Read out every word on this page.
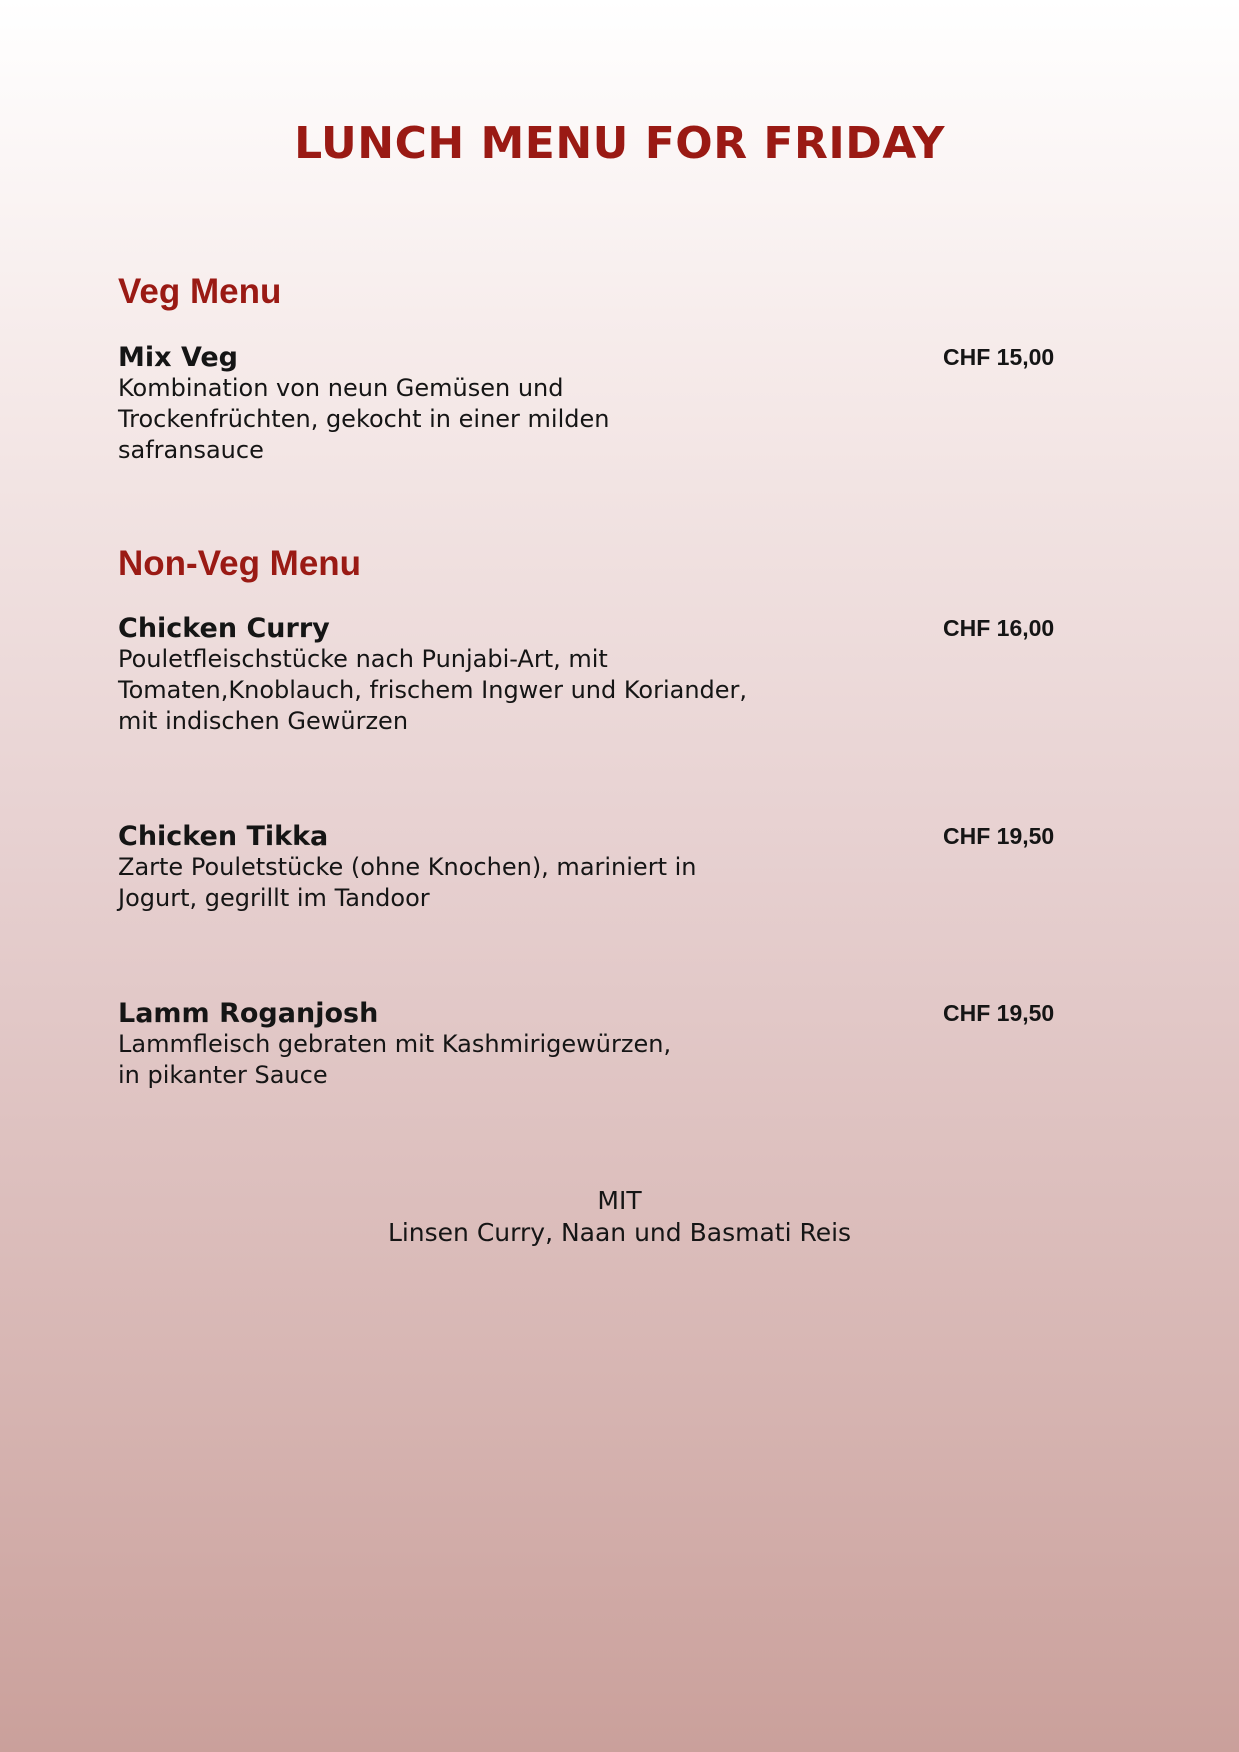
LUNCH MENU FOR FRIDAY
Veg Menu
Mix Veg
Kombination von neun Gemüsen und
Trockenfrüchten, gekocht in einer milden
safransauce
CHF 15,00
Non-Veg Menu
Chicken Curry
Pouletfleischstücke nach Punjabi-Art, mit
Tomaten,Knoblauch, frischem Ingwer und Koriander,
mit indischen Gewürzen
CHF 16,00
Chicken Tikka
Zarte Pouletstücke (ohne Knochen), mariniert in
Jogurt, gegrillt im Tandoor
CHF 19,50
Lamm Roganjosh
Lammfleisch gebraten mit Kashmirigewürzen,
in pikanter Sauce
CHF 19,50
MIT
Linsen Curry, Naan und Basmati Reis
